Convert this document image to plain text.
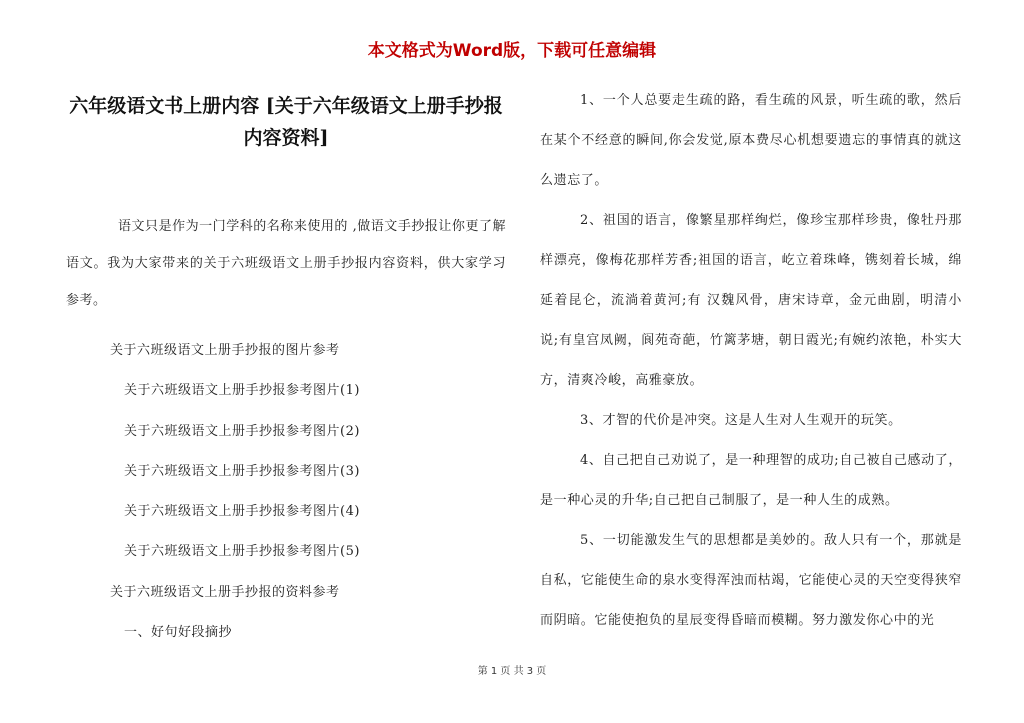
本文格式为Word版，下载可任意编辑
六年级语文书上册内容 [关于六年级语文上册手抄报内容资料]

语文只是作为一门学科的名称来使用的 ,做语文手抄报让你更了解语文。我为大家带来的关于六班级语文上册手抄报内容资料，供大家学习参考。

关于六班级语文上册手抄报的图片参考
关于六班级语文上册手抄报参考图片(1)
关于六班级语文上册手抄报参考图片(2)
关于六班级语文上册手抄报参考图片(3)
关于六班级语文上册手抄报参考图片(4)
关于六班级语文上册手抄报参考图片(5)
关于六班级语文上册手抄报的资料参考
一、好句好段摘抄

1、一个人总要走生疏的路，看生疏的风景，听生疏的歌，然后在某个不经意的瞬间,你会发觉,原本费尽心机想要遗忘的事情真的就这么遗忘了。

2、祖国的语言，像繁星那样绚烂，像珍宝那样珍贵，像牡丹那样漂亮，像梅花那样芳香;祖国的语言，屹立着珠峰，镌刻着长城，绵延着昆仑，流淌着黄河;有 汉魏风骨，唐宋诗章，金元曲剧，明清小说;有皇宫凤阙，阆苑奇葩，竹篱茅塘，朝日霞光;有婉约浓艳，朴实大方，清爽冷峻，高雅豪放。

3、才智的代价是冲突。这是人生对人生观开的玩笑。

4、自己把自己劝说了，是一种理智的成功;自己被自己感动了，是一种心灵的升华;自己把自己制服了，是一种人生的成熟。

5、一切能激发生气的思想都是美妙的。敌人只有一个，那就是自私，它能使生命的泉水变得浑浊而枯竭，它能使心灵的天空变得狭窄而阴暗。它能使抱负的星辰变得昏暗而模糊。努力激发你心中的光

第 1 页 共 3 页
